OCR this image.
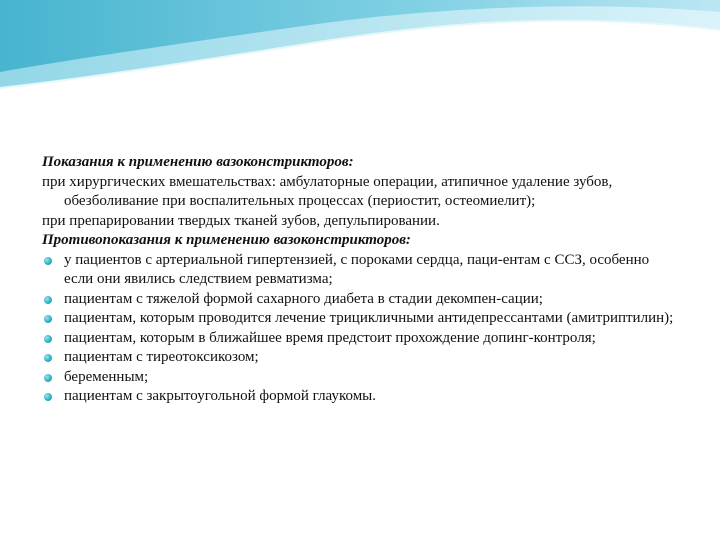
Показания к применению вазоконстрикторов:

при хирургических вмешательствах: амбулаторные операции, атипичное удаление зубов, обезболивание при воспалительных процессах (периостит, остеомиелит);

при препарировании твердых тканей зубов, депульпировании.

Противопоказания к применению вазоконстрикторов:

у пациентов с артериальной гипертензией, с пороками сердца, паци-ентам с ССЗ, особенно если они явились следствием ревматизма;
пациентам с тяжелой формой сахарного диабета в стадии декомпен-сации;
пациентам, которым проводится лечение трицикличными антидепрессантами (амитриптилин);
пациентам, которым в ближайшее время предстоит прохождение допинг-контроля;
пациентам с тиреотоксикозом;
беременным;
пациентам с закрытоугольной формой глаукомы.
